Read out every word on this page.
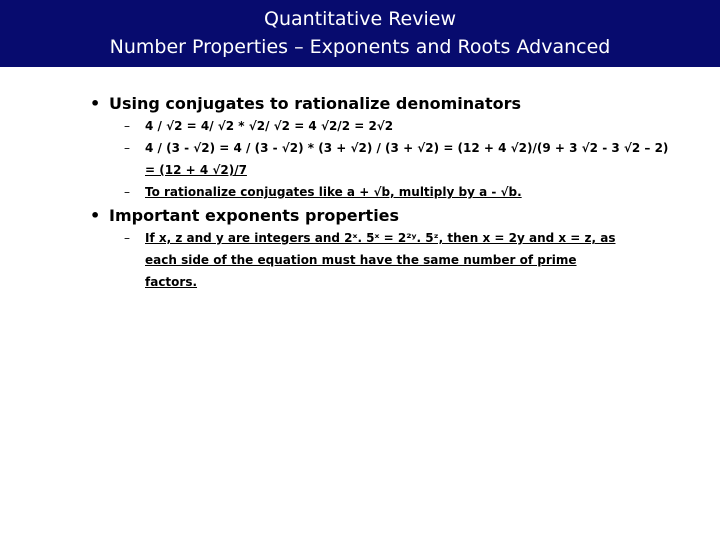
Quantitative Review
Number Properties – Exponents and Roots Advanced
• Using conjugates to rationalize denominators
– 4 / √2 = 4/ √2 * √2/ √2 = 4 √2/2 = 2√2
– 4 / (3 - √2) = 4 / (3 - √2) * (3 + √2) / (3 + √2) = (12 + 4 √2)/(9 + 3 √2 - 3 √2 – 2)
= (12 + 4 √2)/7
– To rationalize conjugates like a + √b, multiply by a - √b.
• Important exponents properties
– If x, z and y are integers and 2ˣ. 5ˣ = 2²ʸ. 5ᶻ, then x = 2y and x = z, as
each side of the equation must have the same number of prime
factors.
